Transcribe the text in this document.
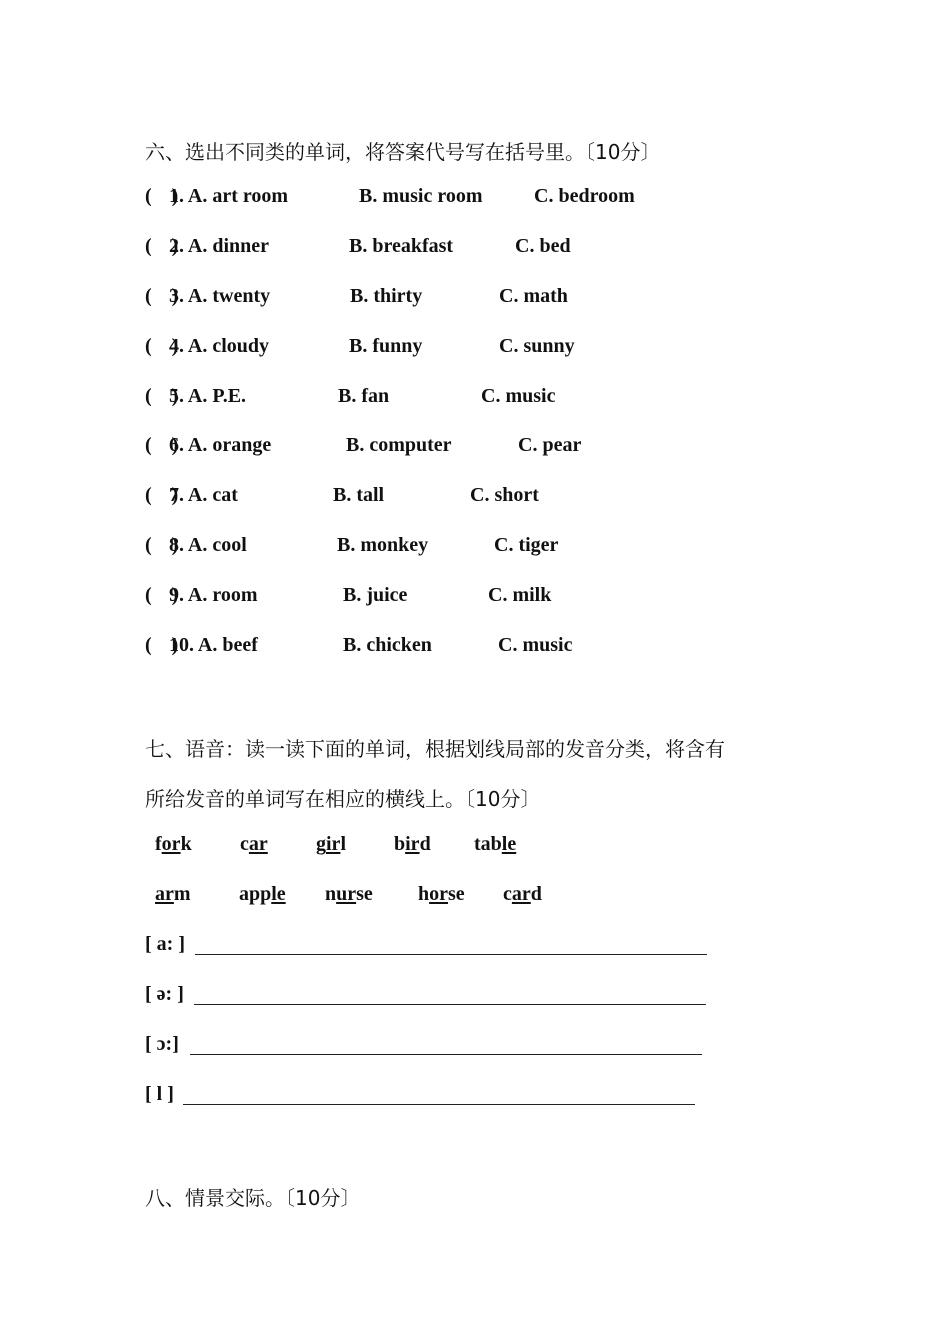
六、选出不同类的单词，将答案代号写在括号里。〔10分〕
(    )
1. A. art room	B. music room	C. bedroom
(    )
2. A. dinner	B. breakfast	C. bed
(    )
3. A. twenty	B. thirty	C. math
(    )
4. A. cloudy	B. funny	C. sunny
(    )
5. A. P.E.	B. fan	C. music
(    )
6. A. orange	B. computer	C. pear
(    )
7. A. cat	B. tall	C. short
(    )
8. A. cool	B. monkey	C. tiger
(    )
9. A. room	B. juice	C. milk
(    )
10. A. beef	B. chicken	C. music
七、语音：读一读下面的单词，根据划线局部的发音分类，将含有
所给发音的单词写在相应的横线上。〔10分〕
fork car girl bird table
arm apple nurse horse card
[ a: ]
[ ə: ]
[ ɔ:]
[ l ]
八、情景交际。〔10分〕
